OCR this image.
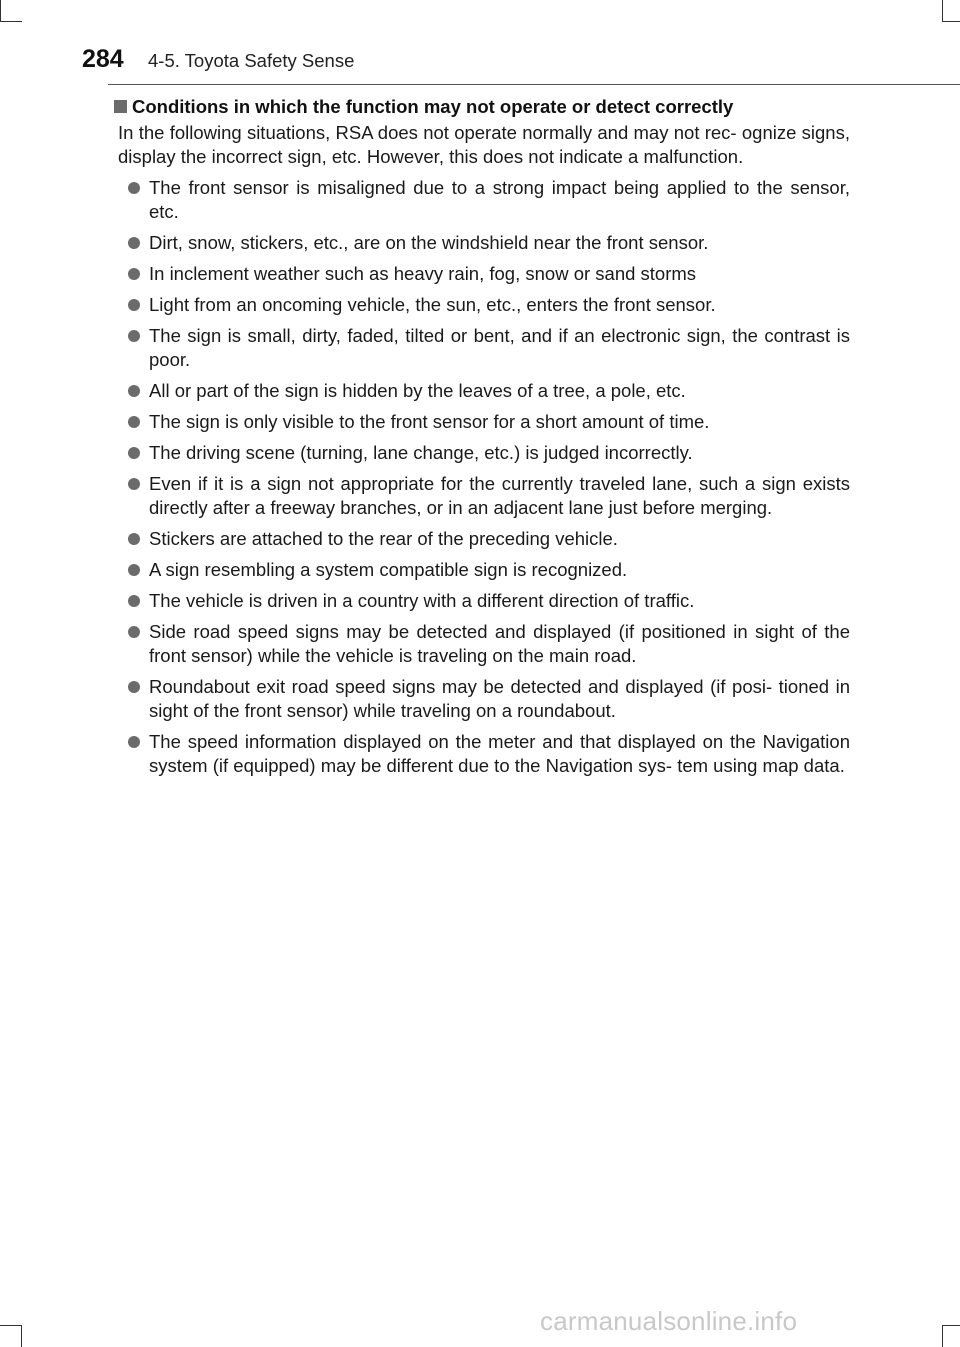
284 4-5. Toyota Safety Sense
Conditions in which the function may not operate or detect correctly

In the following situations, RSA does not operate normally and may not rec- ognize signs, display the incorrect sign, etc. However, this does not indicate a malfunction.

The front sensor is misaligned due to a strong impact being applied to the sensor, etc.
Dirt, snow, stickers, etc., are on the windshield near the front sensor.
In inclement weather such as heavy rain, fog, snow or sand storms
Light from an oncoming vehicle, the sun, etc., enters the front sensor.
The sign is small, dirty, faded, tilted or bent, and if an electronic sign, the contrast is poor.
All or part of the sign is hidden by the leaves of a tree, a pole, etc.
The sign is only visible to the front sensor for a short amount of time.
The driving scene (turning, lane change, etc.) is judged incorrectly.
Even if it is a sign not appropriate for the currently traveled lane, such a sign exists directly after a freeway branches, or in an adjacent lane just before merging.
Stickers are attached to the rear of the preceding vehicle.
A sign resembling a system compatible sign is recognized.
The vehicle is driven in a country with a different direction of traffic.
Side road speed signs may be detected and displayed (if positioned in sight of the front sensor) while the vehicle is traveling on the main road.
Roundabout exit road speed signs may be detected and displayed (if posi- tioned in sight of the front sensor) while traveling on a roundabout.
The speed information displayed on the meter and that displayed on the Navigation system (if equipped) may be different due to the Navigation sys- tem using map data.
carmanualsonline.info
